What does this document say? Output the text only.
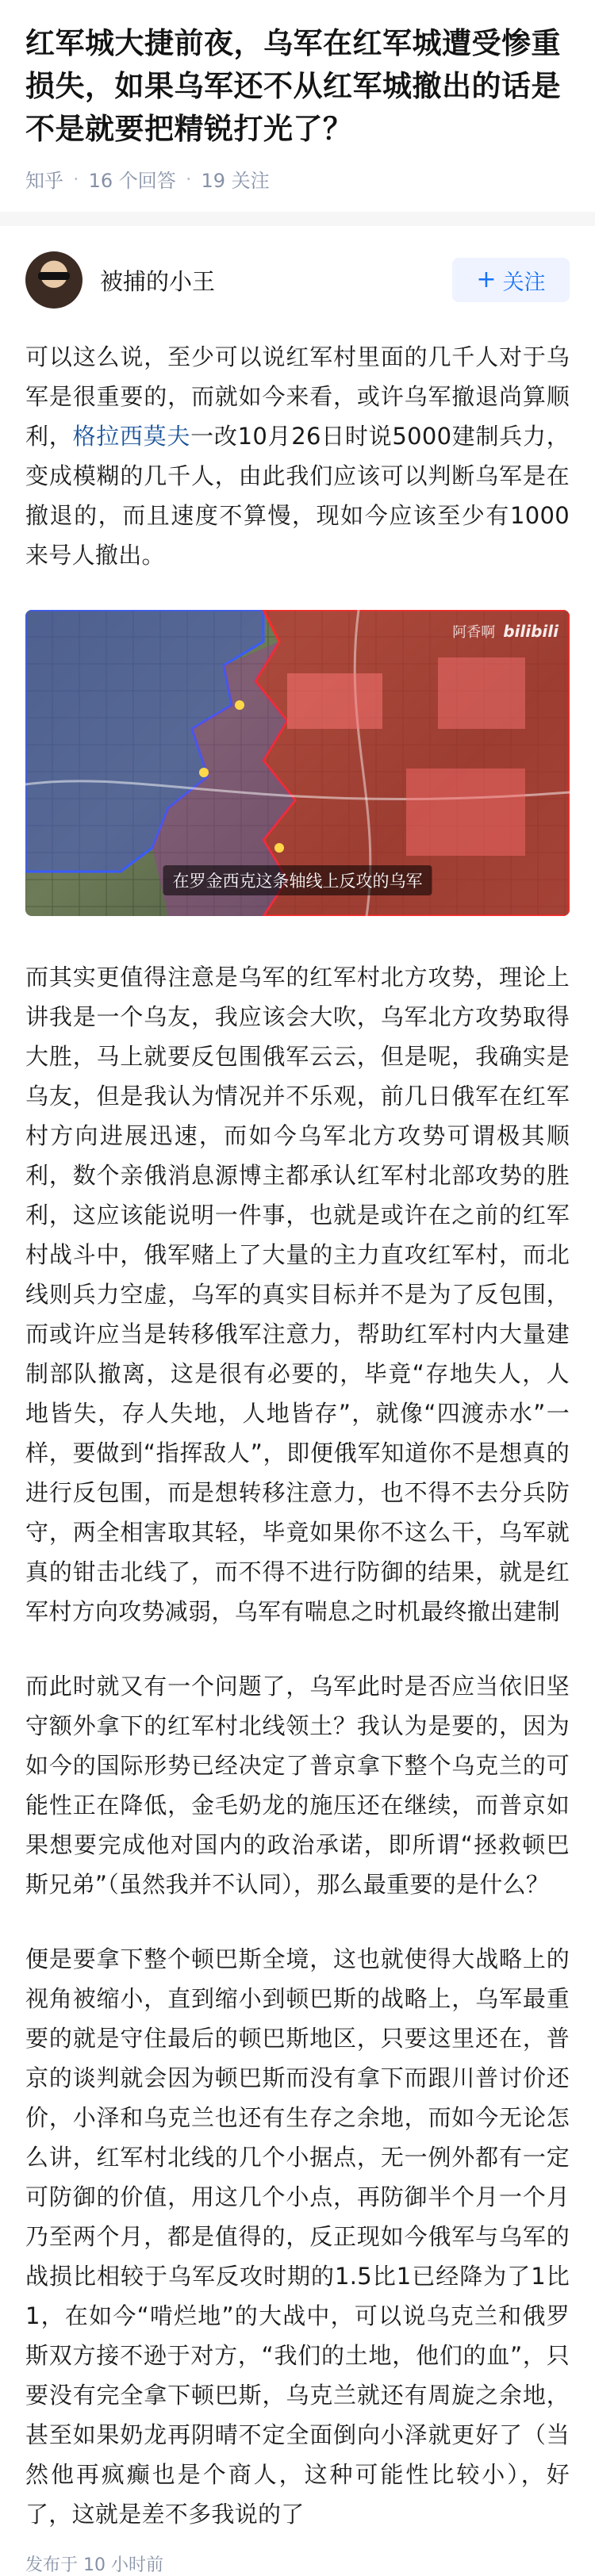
红军城大捷前夜，乌军在红军城遭受惨重损失，如果乌军还不从红军城撤出的话是不是就要把精锐打光了？
知乎 · 16 个回答 · 19 关注
被捕的小王	+ 关注

可以这么说，至少可以说红军村里面的几千人对于乌军是很重要的，而就如今来看，或许乌军撤退尚算顺利，格拉西莫夫一改10月26日时说5000建制兵力，变成模糊的几千人，由此我们应该可以判断乌军是在撤退的，而且速度不算慢，现如今应该至少有1000来号人撤出。

阿香啊 bilibili
在罗金西克这条轴线上反攻的乌军

而其实更值得注意是乌军的红军村北方攻势，理论上讲我是一个乌友，我应该会大吹，乌军北方攻势取得大胜，马上就要反包围俄军云云，但是呢，我确实是乌友，但是我认为情况并不乐观，前几日俄军在红军村方向进展迅速，而如今乌军北方攻势可谓极其顺利，数个亲俄消息源博主都承认红军村北部攻势的胜利，这应该能说明一件事，也就是或许在之前的红军村战斗中，俄军赌上了大量的主力直攻红军村，而北线则兵力空虚，乌军的真实目标并不是为了反包围，而或许应当是转移俄军注意力，帮助红军村内大量建制部队撤离，这是很有必要的，毕竟“存地失人，人地皆失，存人失地，人地皆存”，就像“四渡赤水”一样，要做到“指挥敌人”，即便俄军知道你不是想真的进行反包围，而是想转移注意力，也不得不去分兵防守，两全相害取其轻，毕竟如果你不这么干，乌军就真的钳击北线了，而不得不进行防御的结果，就是红军村方向攻势减弱，乌军有喘息之时机最终撤出建制

而此时就又有一个问题了，乌军此时是否应当依旧坚守额外拿下的红军村北线领土？我认为是要的，因为如今的国际形势已经决定了普京拿下整个乌克兰的可能性正在降低，金毛奶龙的施压还在继续，而普京如果想要完成他对国内的政治承诺，即所谓“拯救顿巴斯兄弟”（虽然我并不认同），那么最重要的是什么？

便是要拿下整个顿巴斯全境，这也就使得大战略上的视角被缩小，直到缩小到顿巴斯的战略上，乌军最重要的就是守住最后的顿巴斯地区，只要这里还在，普京的谈判就会因为顿巴斯而没有拿下而跟川普讨价还价，小泽和乌克兰也还有生存之余地，而如今无论怎么讲，红军村北线的几个小据点，无一例外都有一定可防御的价值，用这几个小点，再防御半个月一个月乃至两个月，都是值得的，反正现如今俄军与乌军的战损比相较于乌军反攻时期的1.5比1已经降为了1比1，在如今“啃烂地”的大战中，可以说乌克兰和俄罗斯双方接不逊于对方，“我们的土地，他们的血”，只要没有完全拿下顿巴斯，乌克兰就还有周旋之余地，甚至如果奶龙再阴晴不定全面倒向小泽就更好了（当然他再疯癫也是个商人，这种可能性比较小），好了，这就是差不多我说的了

发布于 10 小时前
